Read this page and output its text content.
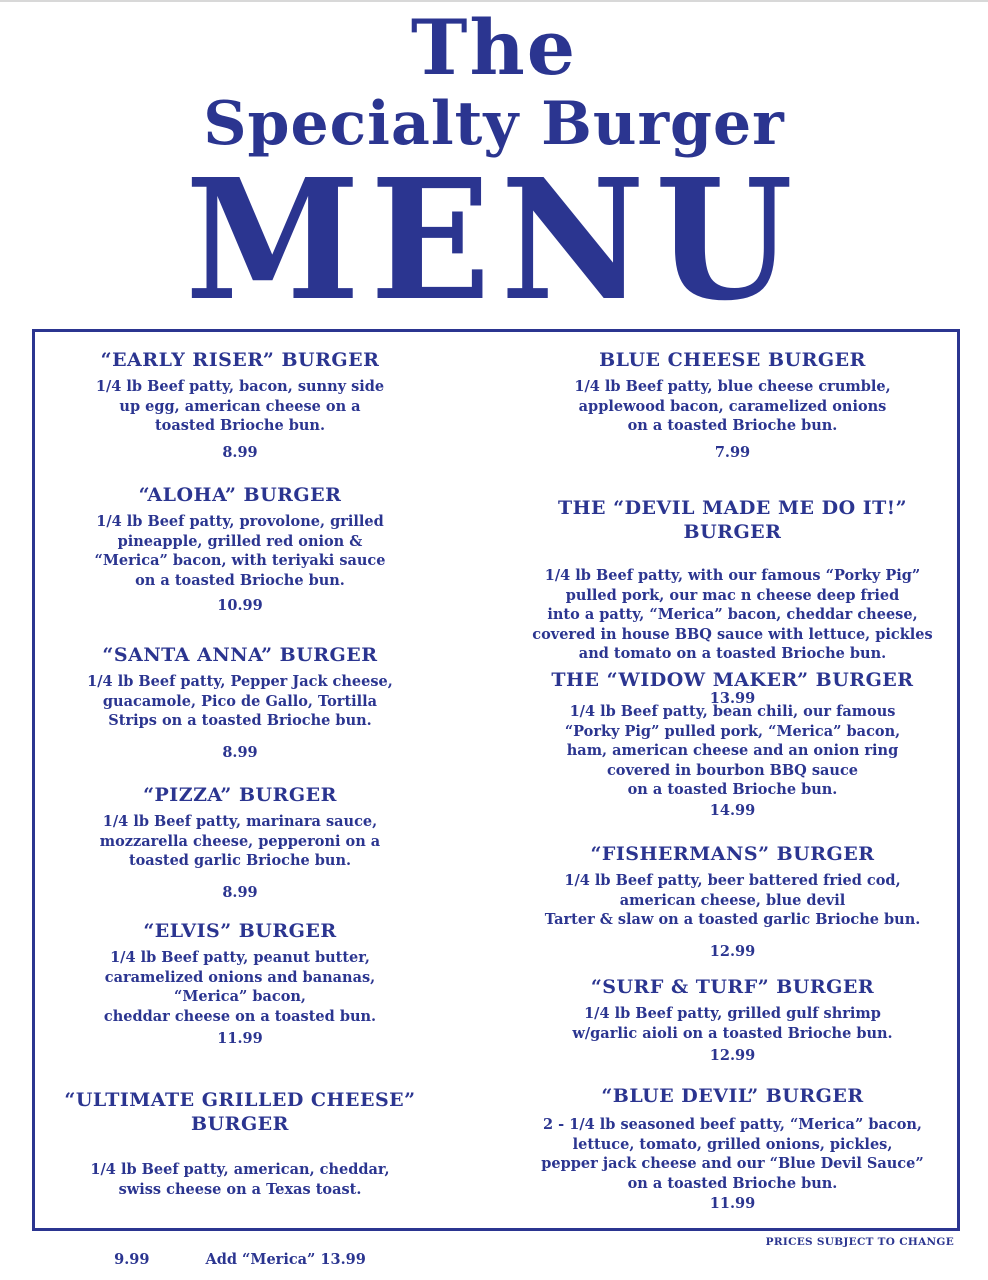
The
Specialty Burger
MENU
“EARLY RISER” BURGER
1/4 lb Beef patty, bacon, sunny side
up egg, american cheese on a
toasted Brioche bun.
8.99
“ALOHA” BURGER
1/4 lb Beef patty, provolone, grilled
pineapple, grilled red onion &
“Merica” bacon, with teriyaki sauce
on a toasted Brioche bun.
10.99
“SANTA ANNA” BURGER
1/4 lb Beef patty, Pepper Jack cheese,
guacamole, Pico de Gallo, Tortilla
Strips on a toasted Brioche bun.
8.99
“PIZZA” BURGER
1/4 lb Beef patty, marinara sauce,
mozzarella cheese, pepperoni on a
toasted garlic Brioche bun.
8.99
“ELVIS” BURGER
1/4 lb Beef patty, peanut butter,
caramelized onions and bananas,
“Merica” bacon,
cheddar cheese on a toasted bun.
11.99

“ULTIMATE GRILLED CHEESE”
BURGER

1/4 lb Beef patty, american, cheddar,
swiss cheese on a Texas toast.

9.99	Add “Merica” 13.99

BLUE CHEESE BURGER
1/4 lb Beef patty, blue cheese crumble,
applewood bacon, caramelized onions
on a toasted Brioche bun.
7.99

THE “DEVIL MADE ME DO IT!”
BURGER

1/4 lb Beef patty, with our famous “Porky Pig”
pulled pork, our mac n cheese deep fried
into a patty, “Merica” bacon, cheddar cheese,
covered in house BBQ sauce with lettuce, pickles
and tomato on a toasted Brioche bun.

13.99

THE “WIDOW MAKER” BURGER
1/4 lb Beef patty, bean chili, our famous
“Porky Pig” pulled pork, “Merica” bacon,
ham, american cheese and an onion ring
covered in bourbon BBQ sauce
on a toasted Brioche bun.
14.99
“FISHERMANS” BURGER
1/4 lb Beef patty, beer battered fried cod,
american cheese, blue devil
Tarter & slaw on a toasted garlic Brioche bun.
12.99
“SURF & TURF” BURGER
1/4 lb Beef patty, grilled gulf shrimp
w/garlic aioli on a toasted Brioche bun.
12.99
“BLUE DEVIL” BURGER
2 - 1/4 lb seasoned beef patty, “Merica” bacon,
lettuce, tomato, grilled onions, pickles,
pepper jack cheese and our “Blue Devil Sauce”
on a toasted Brioche bun.
11.99
PRICES SUBJECT TO CHANGE
